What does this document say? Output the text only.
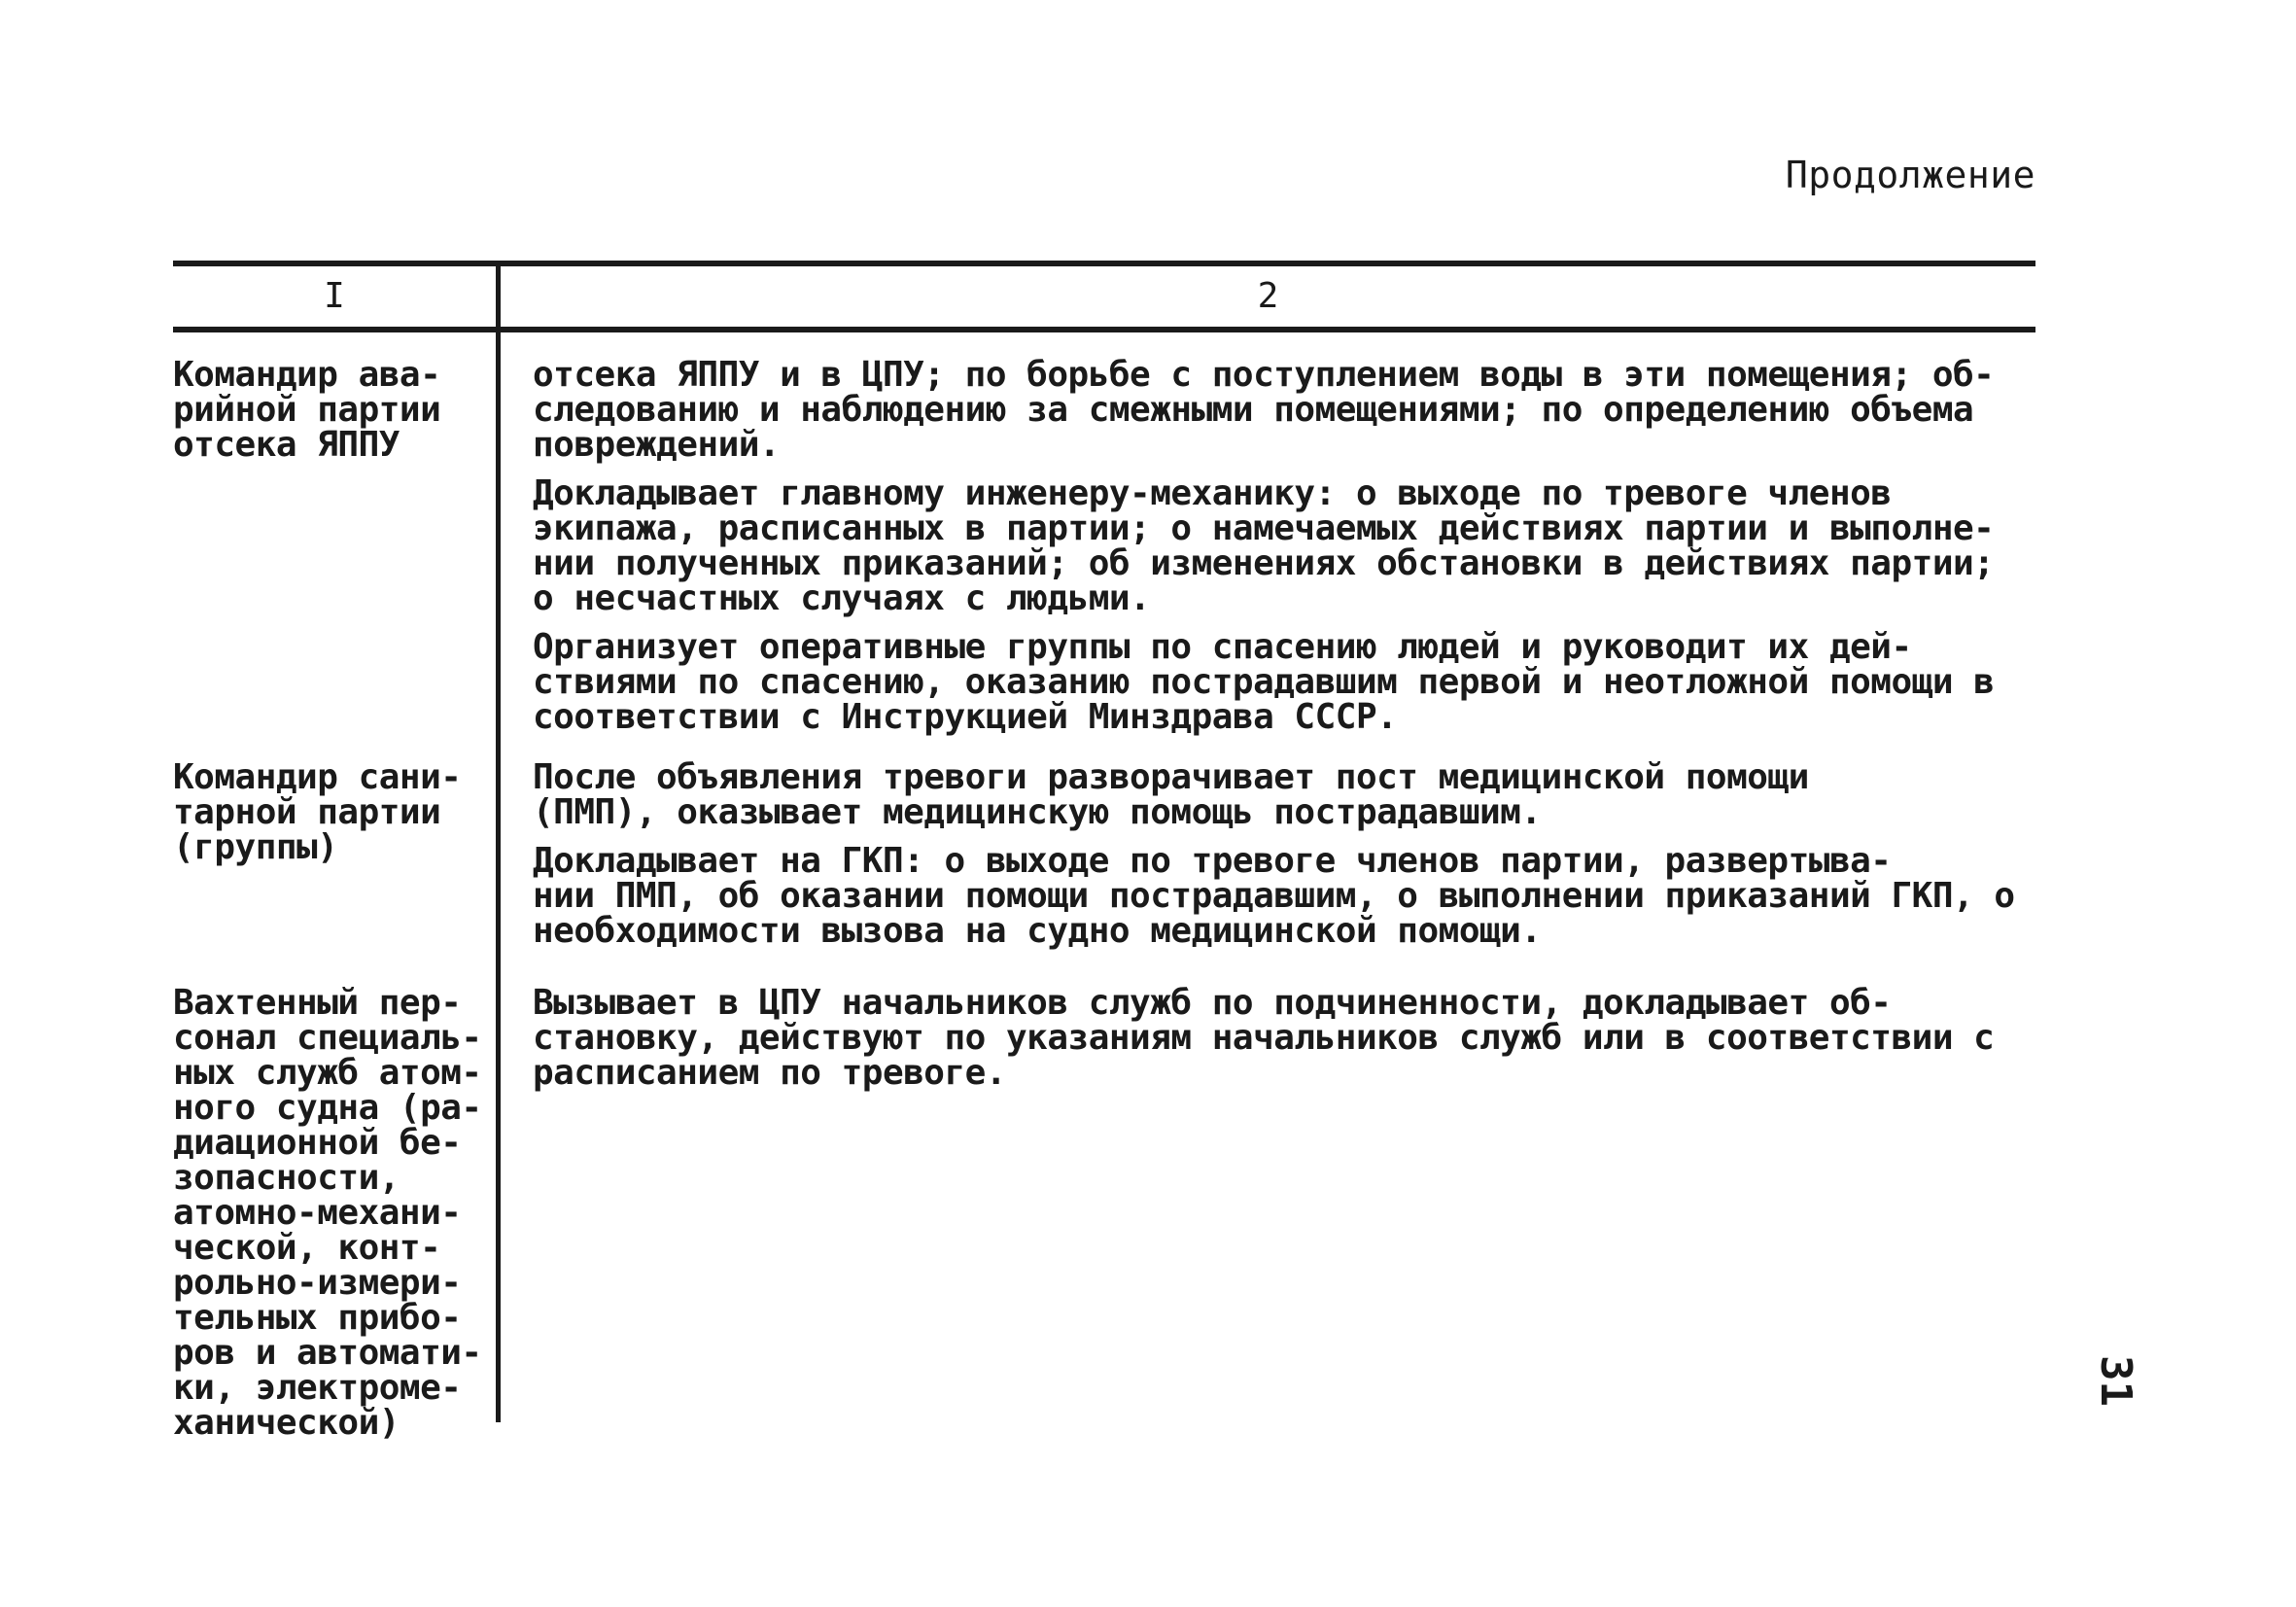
Продолжение
I	2
Командир ава-
рийной партии
отсека ЯППУ

отсека ЯППУ и в ЦПУ; по борьбе с поступлением воды в эти помещения; об-
следованию и наблюдению за смежными помещениями; по определению объема
повреждений.

Докладывает главному инженеру-механику: о выходе по тревоге членов
экипажа, расписанных в партии; о намечаемых действиях партии и выполне-
нии полученных приказаний; об изменениях обстановки в действиях партии;
о несчастных случаях с людьми.

Организует оперативные группы по спасению людей и руководит их дей-
ствиями по спасению, оказанию пострадавшим первой и неотложной помощи в
соответствии с Инструкцией Минздрава СССР.

Командир сани-
тарной партии
(группы)

После объявления тревоги разворачивает пост медицинской помощи
(ПМП), оказывает медицинскую помощь пострадавшим.

Докладывает на ГКП: о выходе по тревоге членов партии, развертыва-
нии ПМП, об оказании помощи пострадавшим, о выполнении приказаний ГКП, о
необходимости вызова на судно медицинской помощи.

Вахтенный пер-
сонал специаль-
ных служб атом-
ного судна (ра-
диационной бе-
зопасности,
атомно-механи-
ческой, конт-
рольно-измери-
тельных прибо-
ров и автомати-
ки, электроме-
ханической)

Вызывает в ЦПУ начальников служб по подчиненности, докладывает об-
становку, действуют по указаниям начальников служб или в соответствии с
расписанием по тревоге.

31
